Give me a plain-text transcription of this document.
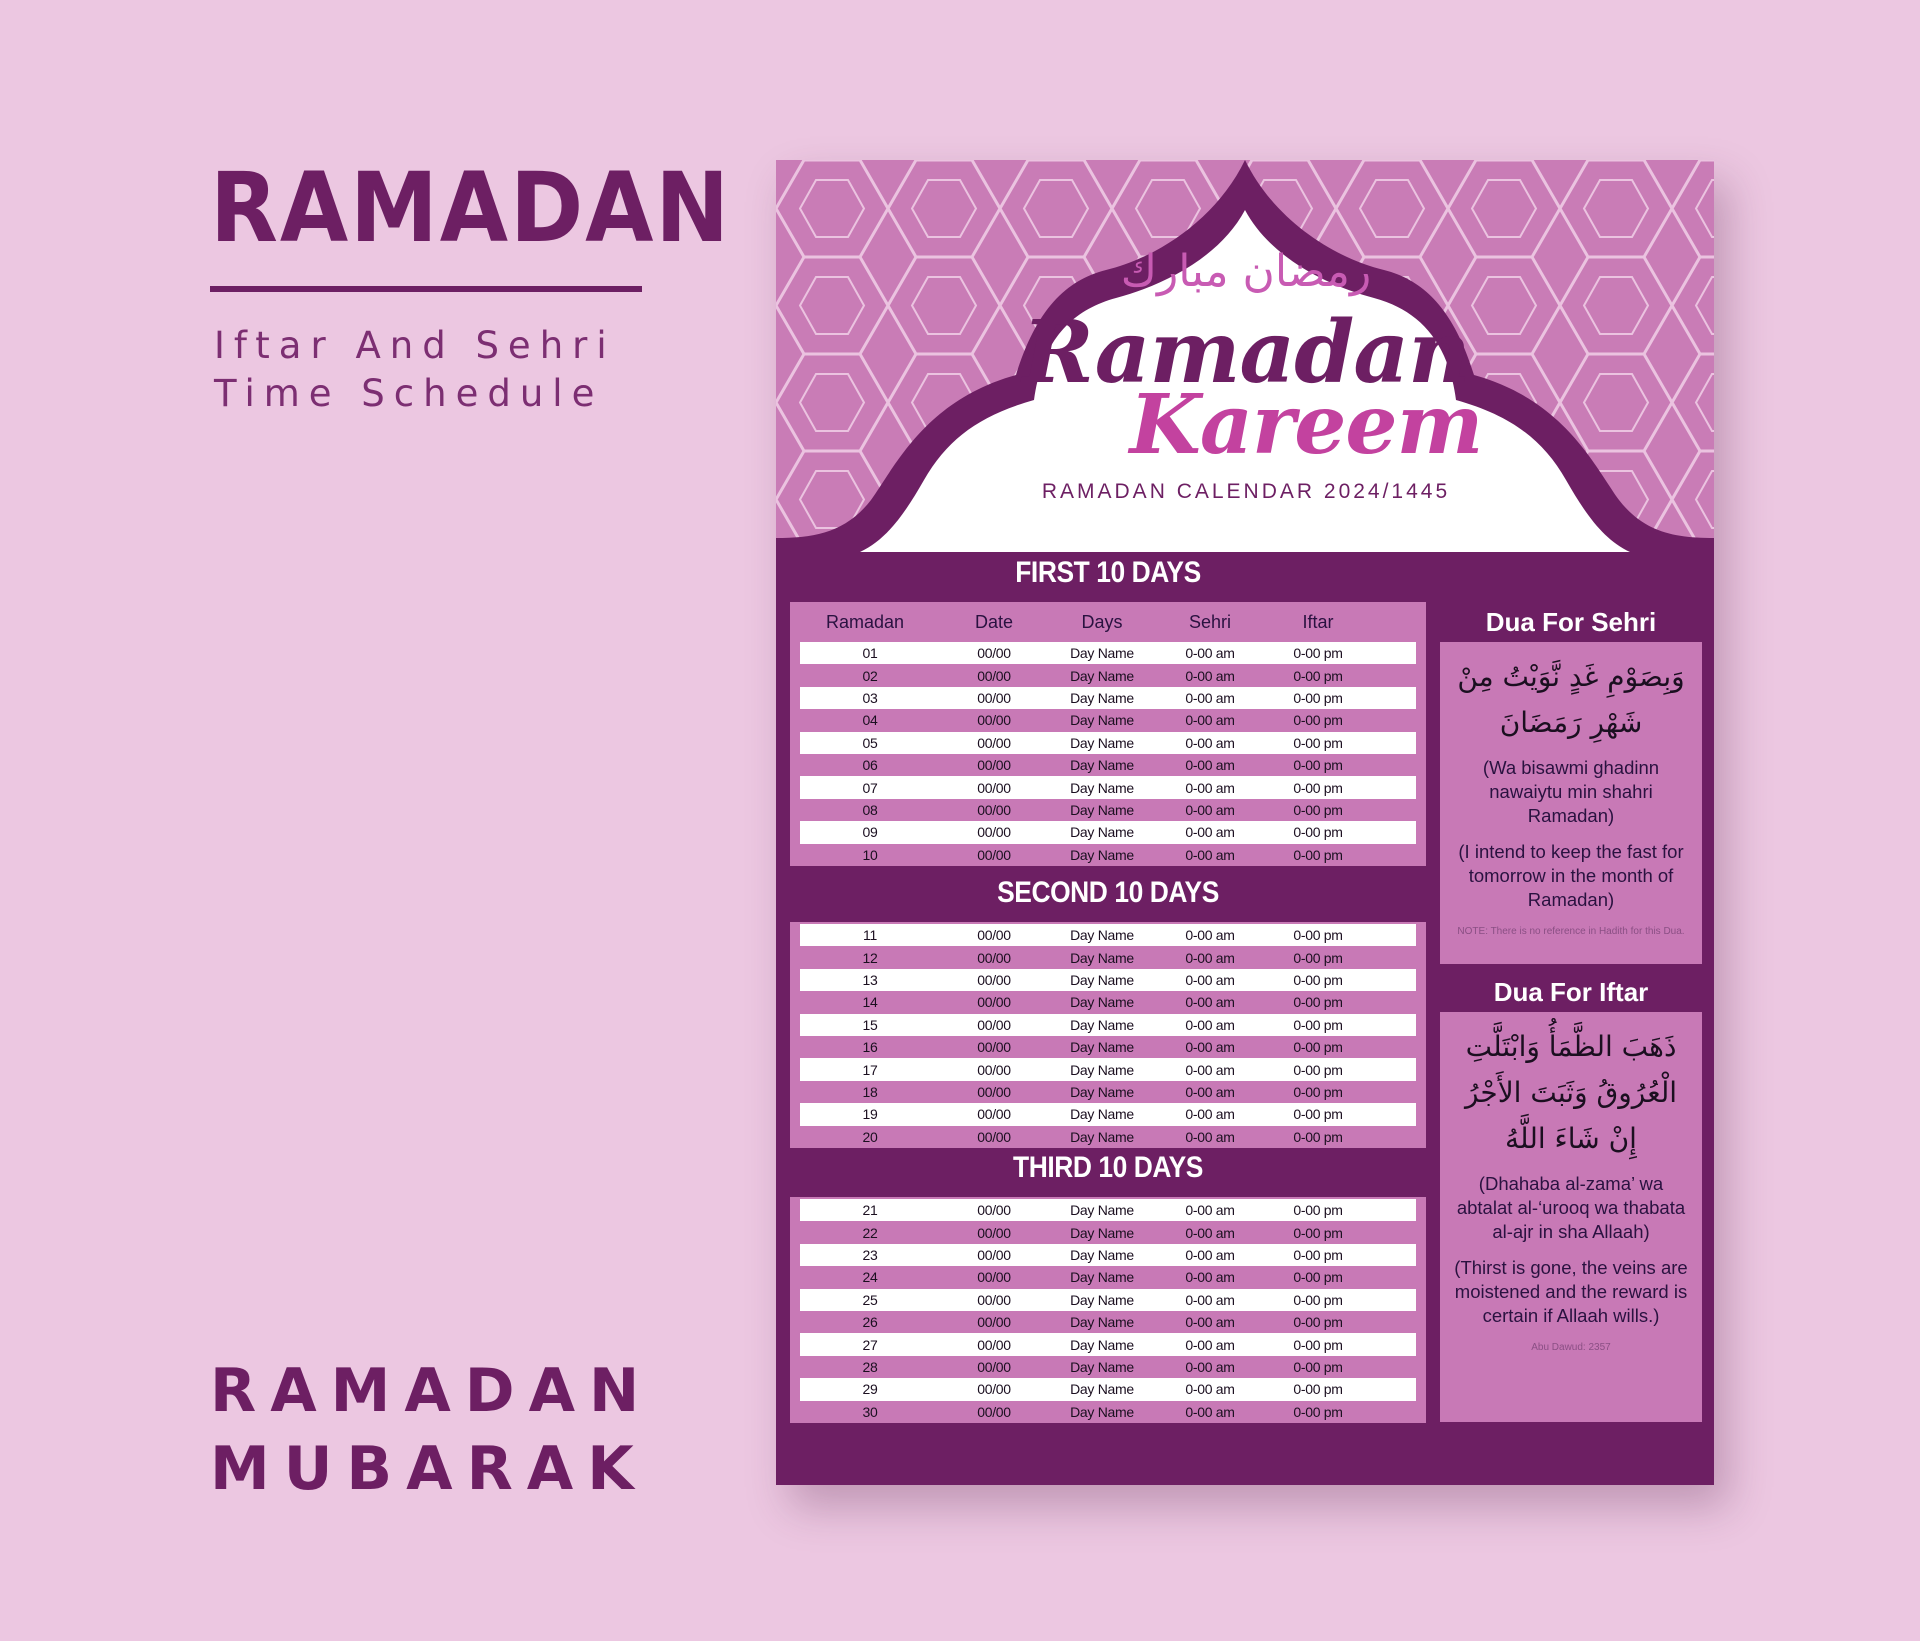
RAMADAN
Iftar And Sehri
Time Schedule
RAMADAN
MUBARAK
رمضان مبارك
Ramadan
Kareem
RAMADAN CALENDAR 2024/1445
FIRST 10 DAYS
Ramadan	Date	Days	Sehri	Iftar
01	00/00	Day Name	0-00 am	0-00 pm
02	00/00	Day Name	0-00 am	0-00 pm
03	00/00	Day Name	0-00 am	0-00 pm
04	00/00	Day Name	0-00 am	0-00 pm
05	00/00	Day Name	0-00 am	0-00 pm
06	00/00	Day Name	0-00 am	0-00 pm
07	00/00	Day Name	0-00 am	0-00 pm
08	00/00	Day Name	0-00 am	0-00 pm
09	00/00	Day Name	0-00 am	0-00 pm
10	00/00	Day Name	0-00 am	0-00 pm
SECOND 10 DAYS
11	00/00	Day Name	0-00 am	0-00 pm
12	00/00	Day Name	0-00 am	0-00 pm
13	00/00	Day Name	0-00 am	0-00 pm
14	00/00	Day Name	0-00 am	0-00 pm
15	00/00	Day Name	0-00 am	0-00 pm
16	00/00	Day Name	0-00 am	0-00 pm
17	00/00	Day Name	0-00 am	0-00 pm
18	00/00	Day Name	0-00 am	0-00 pm
19	00/00	Day Name	0-00 am	0-00 pm
20	00/00	Day Name	0-00 am	0-00 pm
THIRD 10 DAYS
21	00/00	Day Name	0-00 am	0-00 pm
22	00/00	Day Name	0-00 am	0-00 pm
23	00/00	Day Name	0-00 am	0-00 pm
24	00/00	Day Name	0-00 am	0-00 pm
25	00/00	Day Name	0-00 am	0-00 pm
26	00/00	Day Name	0-00 am	0-00 pm
27	00/00	Day Name	0-00 am	0-00 pm
28	00/00	Day Name	0-00 am	0-00 pm
29	00/00	Day Name	0-00 am	0-00 pm
30	00/00	Day Name	0-00 am	0-00 pm
Dua For Sehri
وَبِصَوْمِ غَدٍ نَّوَيْتُ مِنْ
شَهْرِ رَمَضَانَ
(Wa bisawmi ghadinn nawaiytu min shahri Ramadan)
(I intend to keep the fast for tomorrow in the month of Ramadan)
NOTE: There is no reference in Hadith for this Dua.
Dua For Iftar
ذَهَبَ الظَّمَأُ وَابْتَلَّتِ
الْعُرُوقُ وَثَبَتَ الأَجْرُ
إِنْ شَاءَ اللَّهُ
(Dhahaba al-zama’ wa abtalat al-‘urooq wa thabata al-ajr in sha Allaah)
(Thirst is gone, the veins are moistened and the reward is certain if Allaah wills.)
Abu Dawud: 2357
